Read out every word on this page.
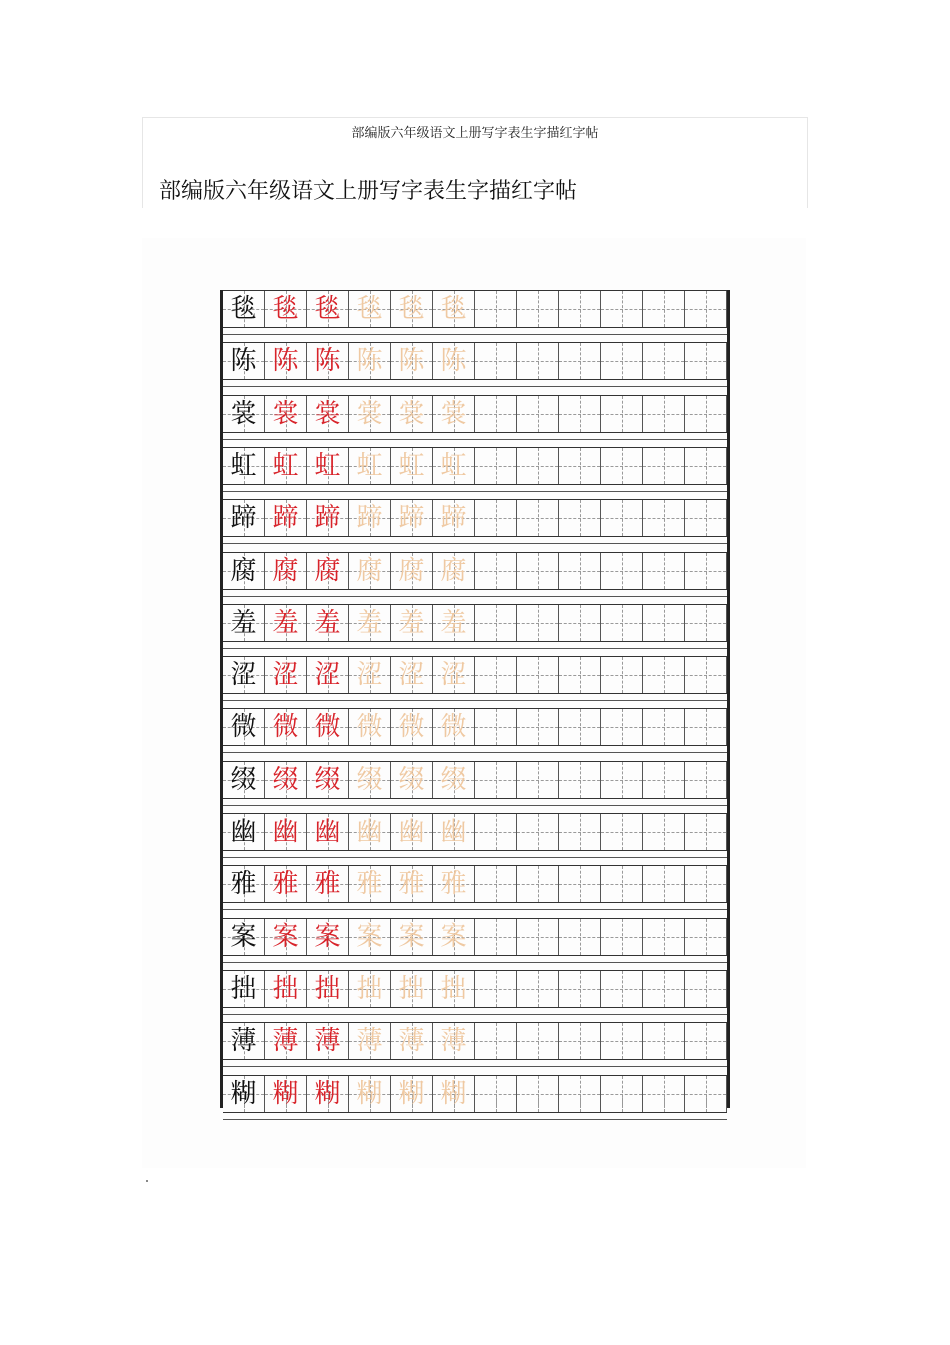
部编版六年级语文上册写字表生字描红字帖
部编版六年级语文上册写字表生字描红字帖
毯 毯 毯 毯 毯 毯
陈 陈 陈 陈 陈 陈
裳 裳 裳 裳 裳 裳
虹 虹 虹 虹 虹 虹
蹄 蹄 蹄 蹄 蹄 蹄
腐 腐 腐 腐 腐 腐
羞 羞 羞 羞 羞 羞
涩 涩 涩 涩 涩 涩
微 微 微 微 微 微
缀 缀 缀 缀 缀 缀
幽 幽 幽 幽 幽 幽
雅 雅 雅 雅 雅 雅
案 案 案 案 案 案
拙 拙 拙 拙 拙 拙
薄 薄 薄 薄 薄 薄
糊 糊 糊 糊 糊 糊
